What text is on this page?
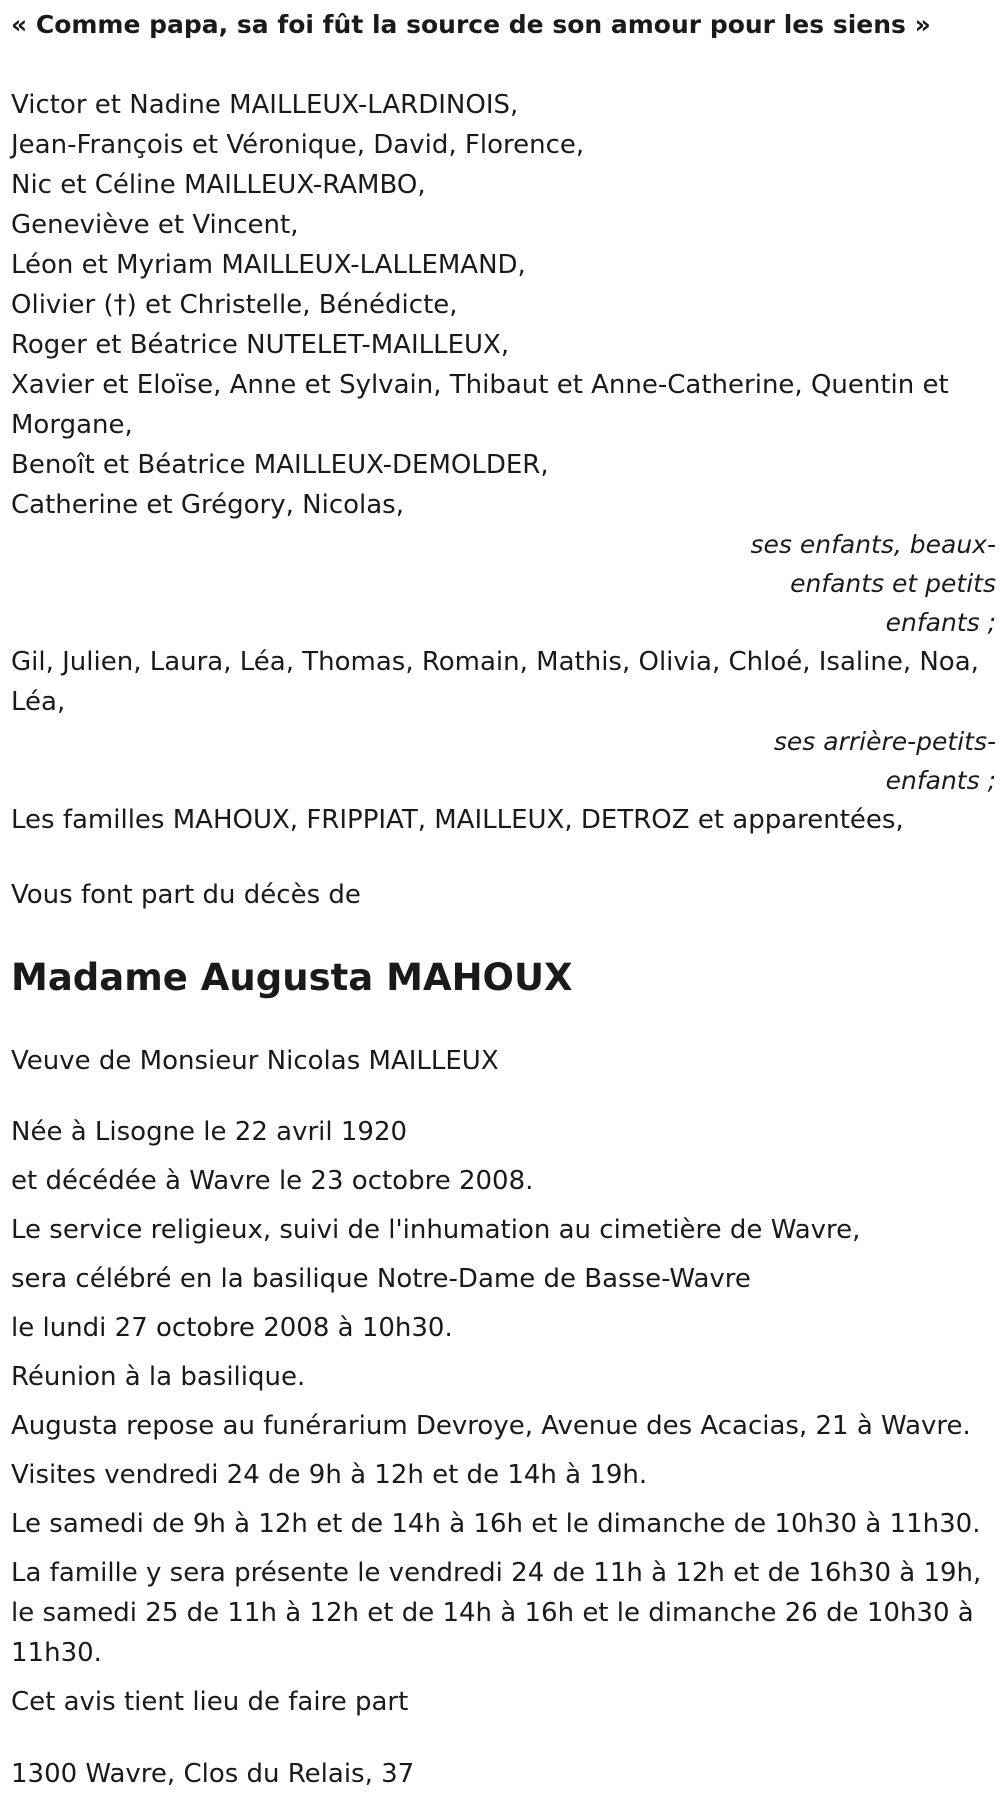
« Comme papa, sa foi fût la source de son amour pour les siens »
Victor et Nadine MAILLEUX-LARDINOIS,
Jean-François et Véronique, David, Florence,
Nic et Céline MAILLEUX-RAMBO,
Geneviève et Vincent,
Léon et Myriam MAILLEUX-LALLEMAND,
Olivier (†) et Christelle, Bénédicte,
Roger et Béatrice NUTELET-MAILLEUX,
Xavier et Eloïse, Anne et Sylvain, Thibaut et Anne-Catherine, Quentin et Morgane,
Benoît et Béatrice MAILLEUX-DEMOLDER,
Catherine et Grégory, Nicolas,
ses enfants, beaux-
enfants et petits
enfants ;
Gil, Julien, Laura, Léa, Thomas, Romain, Mathis, Olivia, Chloé, Isaline, Noa, Léa,
ses arrière-petits-
enfants ;
Les familles MAHOUX, FRIPPIAT, MAILLEUX, DETROZ et apparentées,
Vous font part du décès de
Madame Augusta MAHOUX
Veuve de Monsieur Nicolas MAILLEUX
Née à Lisogne le 22 avril 1920
et décédée à Wavre le 23 octobre 2008.
Le service religieux, suivi de l'inhumation au cimetière de Wavre,
sera célébré en la basilique Notre-Dame de Basse-Wavre
le lundi 27 octobre 2008 à 10h30.
Réunion à la basilique.
Augusta repose au funérarium Devroye, Avenue des Acacias, 21 à Wavre.
Visites vendredi 24 de 9h à 12h et de 14h à 19h.
Le samedi de 9h à 12h et de 14h à 16h et le dimanche de 10h30 à 11h30.
La famille y sera présente le vendredi 24 de 11h à 12h et de 16h30 à 19h, le samedi 25 de 11h à 12h et de 14h à 16h et le dimanche 26 de 10h30 à 11h30.
Cet avis tient lieu de faire part
1300 Wavre, Clos du Relais, 37
